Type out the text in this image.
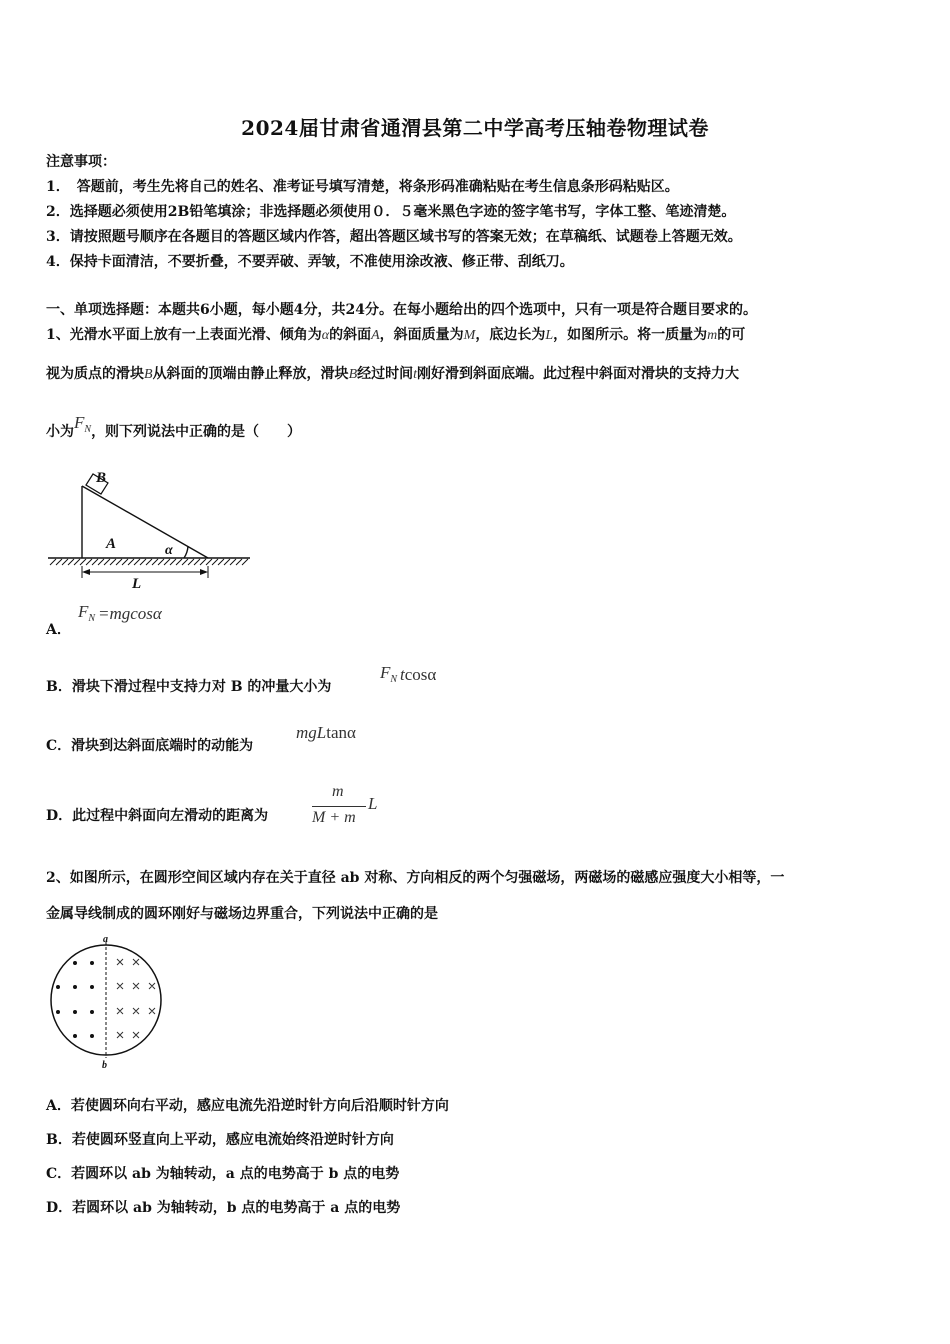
2024届甘肃省通渭县第二中学高考压轴卷物理试卷
注意事项：
1．　答题前，考生先将自己的姓名、准考证号填写清楚，将条形码准确粘贴在考生信息条形码粘贴区。
2．选择题必须使用2B铅笔填涂；非选择题必须使用０．５毫米黑色字迹的签字笔书写，字体工整、笔迹清楚。
3．请按照题号顺序在各题目的答题区域内作答，超出答题区域书写的答案无效；在草稿纸、试题卷上答题无效。
4．保持卡面清洁，不要折叠，不要弄破、弄皱，不准使用涂改液、修正带、刮纸刀。
一、单项选择题：本题共6小题，每小题4分，共24分。在每小题给出的四个选项中，只有一项是符合题目要求的。
1、光滑水平面上放有一上表面光滑、倾角为α的斜面A，斜面质量为M，底边长为L，如图所示。将一质量为m的可
视为质点的滑块B从斜面的顶端由静止释放，滑块B经过时间t刚好滑到斜面底端。此过程中斜面对滑块的支持力大
小为$F_N$，则下列说法中正确的是（　　）
B
A	α
L
A．
$F_N =mgcos\alpha$
B．滑块下滑过程中支持力对 B 的冲量大小为
$F_N$ tcosα
C．滑块到达斜面底端时的动能为
mgLtanα
D．此过程中斜面向左滑动的距离为
m
M + m
L
2、如图所示，在圆形空间区域内存在关于直径 ab 对称、方向相反的两个匀强磁场，两磁场的磁感应强度大小相等，一
金属导线制成的圆环刚好与磁场边界重合，下列说法中正确的是
a
b
A．若使圆环向右平动，感应电流先沿逆时针方向后沿顺时针方向
B．若使圆环竖直向上平动，感应电流始终沿逆时针方向
C．若圆环以 ab 为轴转动，a 点的电势高于 b 点的电势
D．若圆环以 ab 为轴转动，b 点的电势高于 a 点的电势
